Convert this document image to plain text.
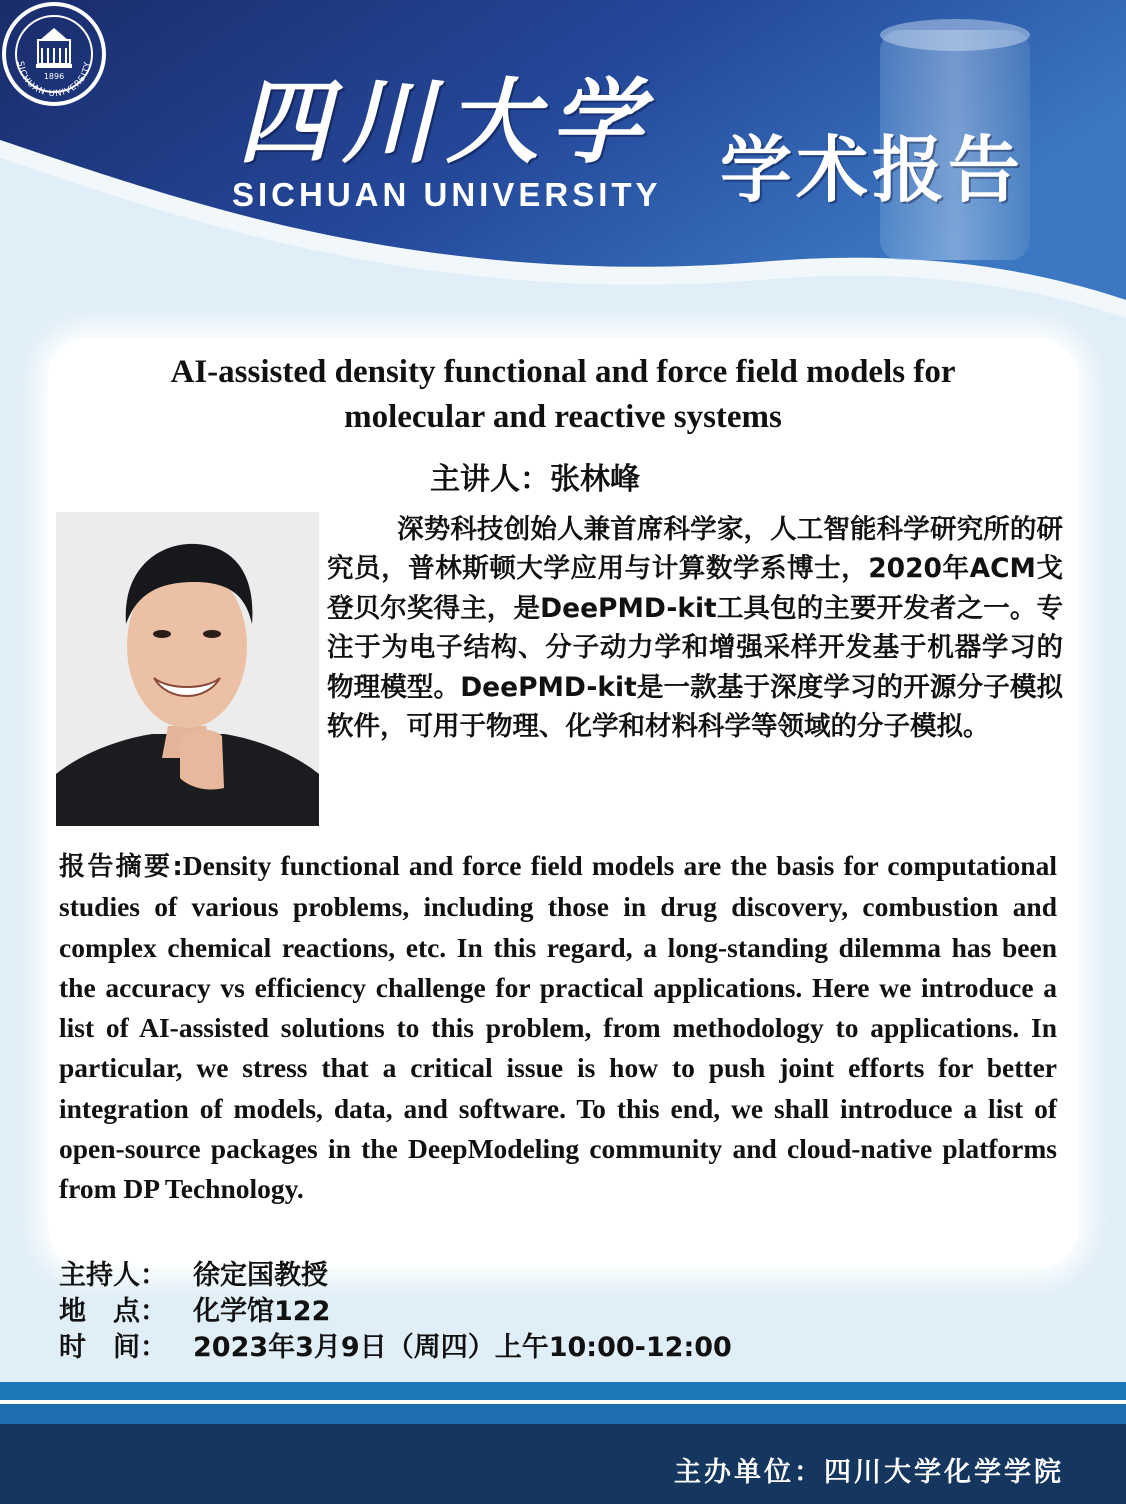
1896
SICHUAN UNIVERSITY
四川大学
SICHUAN UNIVERSITY 学术报告
AI-assisted density functional and force field models for
molecular and reactive systems
主讲人：张林峰
深势科技创始人兼首席科学家，人工智能科学研究所的研究员，普林斯顿大学应用与计算数学系博士，2020年ACM戈登贝尔奖得主，是DeePMD-kit工具包的主要开发者之一。专注于为电子结构、分子动力学和增强采样开发基于机器学习的物理模型。DeePMD-kit是一款基于深度学习的开源分子模拟软件，可用于物理、化学和材料科学等领域的分子模拟。
报告摘要:Density functional and force field models are the basis for computational studies of various problems, including those in drug discovery, combustion and complex chemical reactions, etc. In this regard, a long-standing dilemma has been the accuracy vs efficiency challenge for practical applications. Here we introduce a list of AI-assisted solutions to this problem, from methodology to applications. In particular, we stress that a critical issue is how to push joint efforts for better integration of models, data, and software. To this end, we shall introduce a list of open-source packages in the DeepModeling community and cloud-native platforms from DP Technology.
主持人： 徐定国教授
地　点： 化学馆122
时　间： 2023年3月9日（周四）上午10:00-12:00
主办单位：四川大学化学学院
